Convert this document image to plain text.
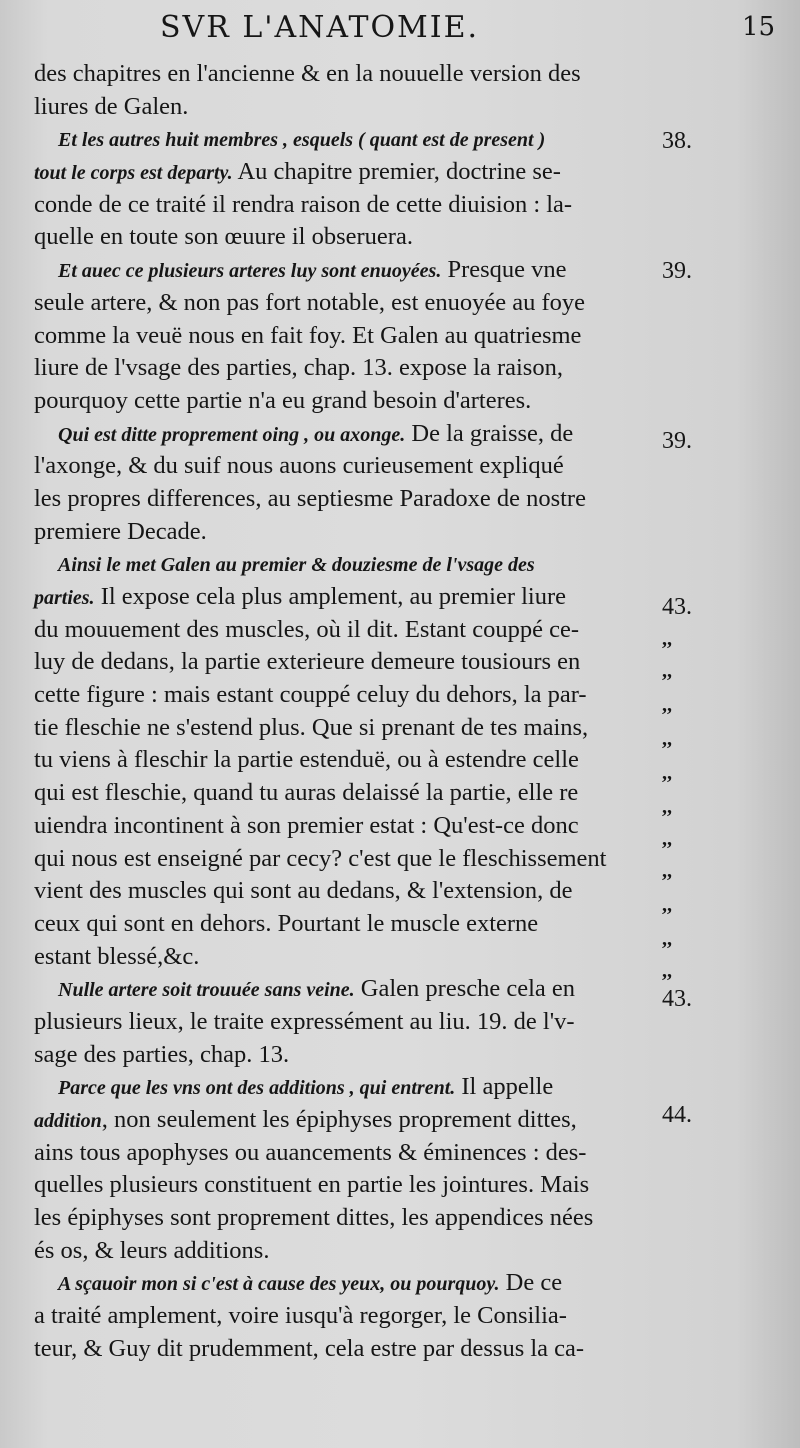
SVR L'ANATOMIE.	15
des chapitres en l'ancienne & en la nouuelle version des
liures de Galen.
Et les autres huit membres , esquels ( quant est de present )
tout le corps est departy. Au chapitre premier, doctrine se-
conde de ce traité il rendra raison de cette diuision : la-
quelle en toute son œuure il obseruera.
Et auec ce plusieurs arteres luy sont enuoyées. Presque vne
seule artere, & non pas fort notable, est enuoyée au foye
comme la veuë nous en fait foy. Et Galen au quatriesme
liure de l'vsage des parties, chap. 13. expose la raison,
pourquoy cette partie n'a eu grand besoin d'arteres.
Qui est ditte proprement oing , ou axonge. De la graisse, de
l'axonge, & du suif nous auons curieusement expliqué
les propres differences, au septiesme Paradoxe de nostre
premiere Decade.
Ainsi le met Galen au premier & douziesme de l'vsage des
parties. Il expose cela plus amplement, au premier liure
du mouuement des muscles, où il dit. Estant couppé ce-
luy de dedans, la partie exterieure demeure tousiours en
cette figure : mais estant couppé celuy du dehors, la par-
tie fleschie ne s'estend plus. Que si prenant de tes mains,
tu viens à fleschir la partie estenduë, ou à estendre celle
qui est fleschie, quand tu auras delaissé la partie, elle re
uiendra incontinent à son premier estat : Qu'est-ce donc
qui nous est enseigné par cecy? c'est que le fleschissement
vient des muscles qui sont au dedans, & l'extension, de
ceux qui sont en dehors. Pourtant le muscle externe
estant blessé,&c.
Nulle artere soit trouuée sans veine. Galen presche cela en
plusieurs lieux, le traite expressément au liu. 19. de l'v-
sage des parties, chap. 13.
Parce que les vns ont des additions , qui entrent. Il appelle
addition, non seulement les épiphyses proprement dittes,
ains tous apophyses ou auancements & éminences : des-
quelles plusieurs constituent en partie les jointures. Mais
les épiphyses sont proprement dittes, les appendices nées
és os, & leurs additions.
A sçauoir mon si c'est à cause des yeux, ou pourquoy. De ce
a traité amplement, voire iusqu'à regorger, le Consilia-
teur, & Guy dit prudemment, cela estre par dessus la ca-
38.
39.
39.
43.
43.
44.
,,
,,
,,
,,
,,
,,
,,
,,
,,
,,
,,
